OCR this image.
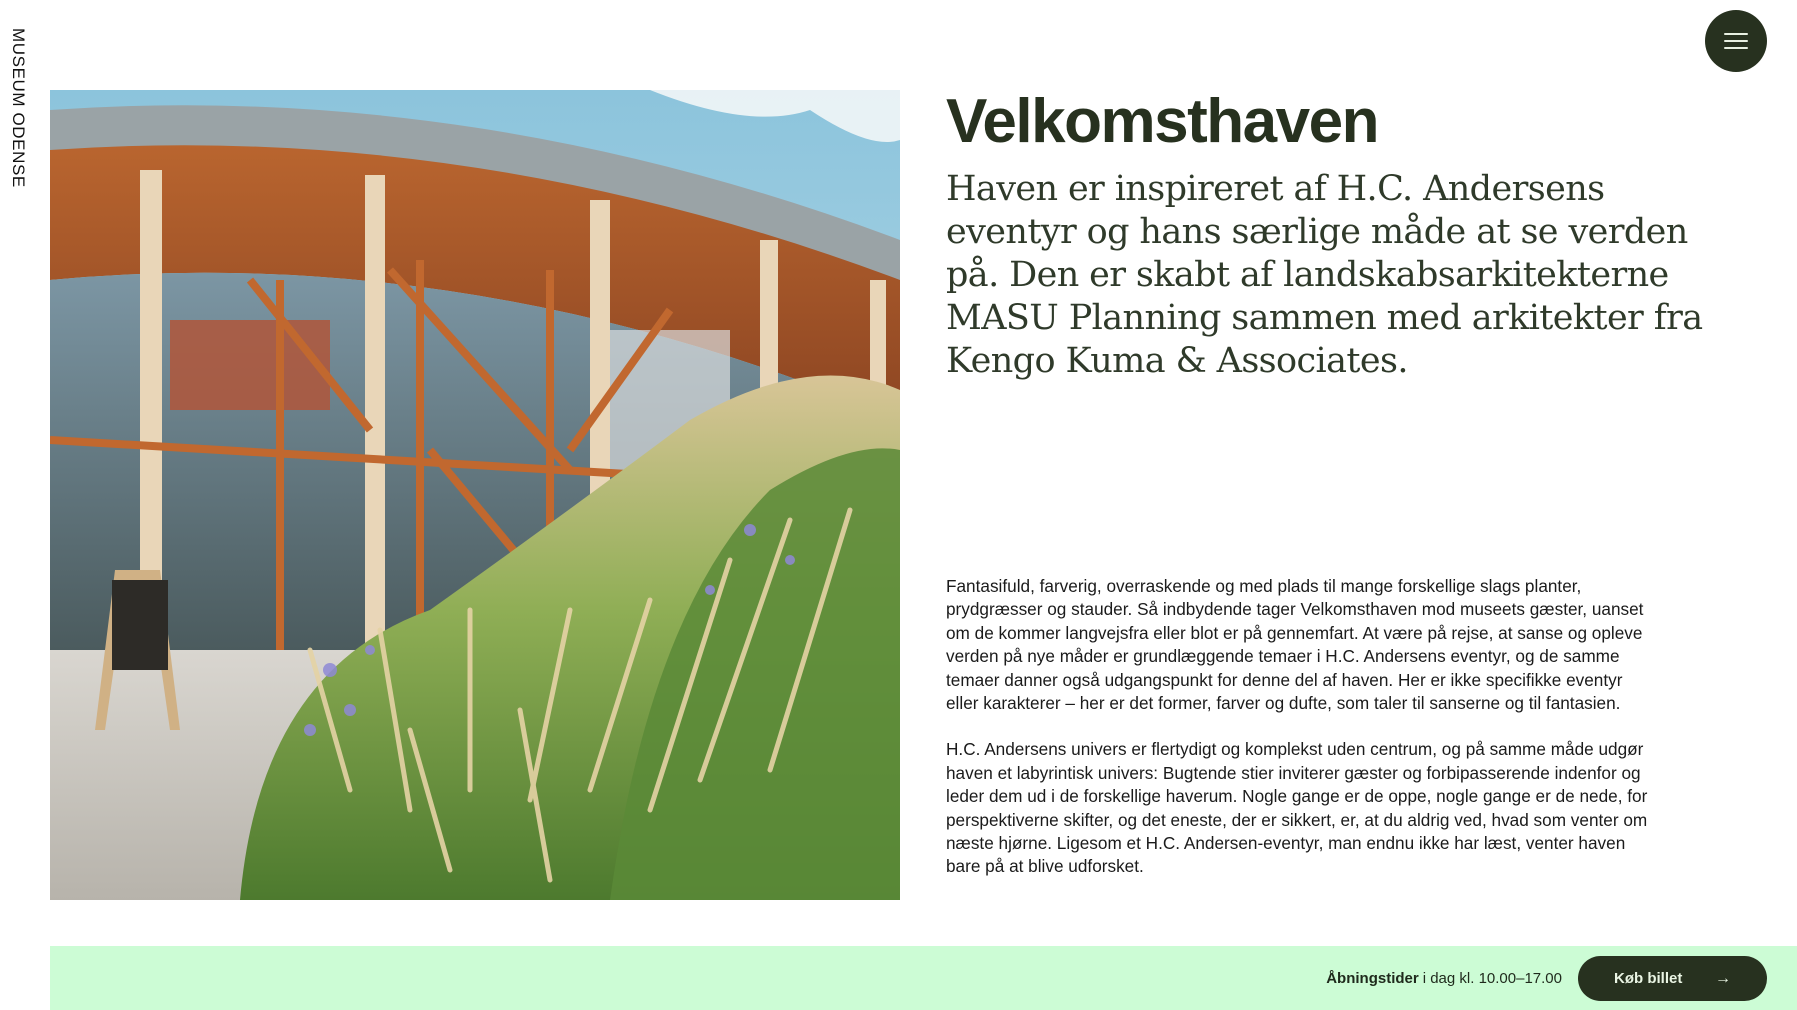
MUSEUM ODENSE	Velkomsthaven

Haven er inspireret af H.C. Andersens eventyr og hans særlige måde at se verden på. Den er skabt af landskabsarkitekterne MASU Planning sammen med arkitekter fra Kengo Kuma & Associates.

Fantasifuld, farverig, overraskende og med plads til mange forskellige slags planter, prydgræsser og stauder. Så indbydende tager Velkomsthaven mod museets gæster, uanset om de kommer langvejsfra eller blot er på gennemfart. At være på rejse, at sanse og opleve verden på nye måder er grundlæggende temaer i H.C. Andersens eventyr, og de samme temaer danner også udgangspunkt for denne del af haven. Her er ikke specifikke eventyr eller karakterer – her er det former, farver og dufte, som taler til sanserne og til fantasien.

H.C. Andersens univers er flertydigt og komplekst uden centrum, og på samme måde udgør haven et labyrintisk univers: Bugtende stier inviterer gæster og forbipasserende indenfor og leder dem ud i de forskellige haverum. Nogle gange er de oppe, nogle gange er de nede, for perspektiverne skifter, og det eneste, der er sikkert, er, at du aldrig ved, hvad som venter om næste hjørne. Ligesom et H.C. Andersen-eventyr, man endnu ikke har læst, venter haven bare på at blive udforsket.

Åbningstider i dag kl. 10.00–17.00	Køb billet →
